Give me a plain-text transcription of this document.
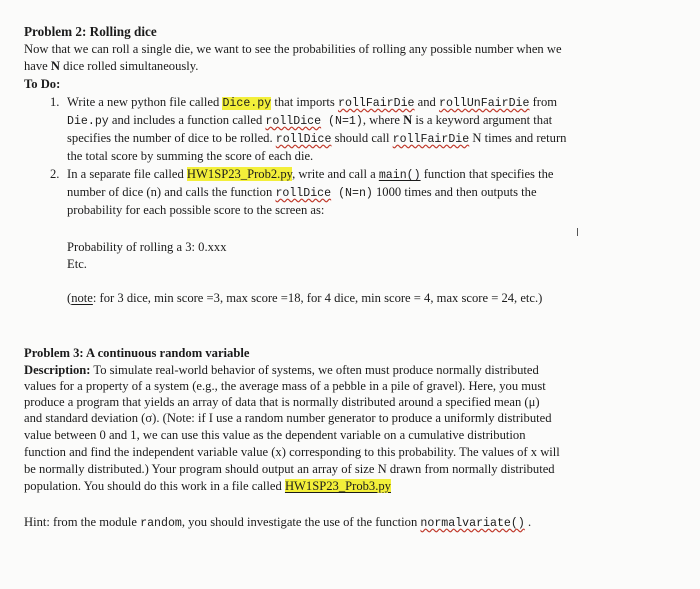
Problem 2: Rolling dice
Now that we can roll a single die, we want to see the probabilities of rolling any possible number when we
have N dice rolled simultaneously.
To Do:
1. Write a new python file called Dice.py that imports rollFairDie and rollUnFairDie from
Die.py and includes a function called rollDice (N=1), where N is a keyword argument that
specifies the number of dice to be rolled. rollDice should call rollFairDie N times and return
the total score by summing the score of each die.
2. In a separate file called HW1SP23_Prob2.py, write and call a main() function that specifies the
number of dice (n) and calls the function rollDice (N=n) 1000 times and then outputs the
probability for each possible score to the screen as:
Probability of rolling a 3: 0.xxx
Etc.
(note: for 3 dice, min score =3, max score =18, for 4 dice, min score = 4, max score = 24, etc.)
Problem 3: A continuous random variable
Description: To simulate real-world behavior of systems, we often must produce normally distributed
values for a property of a system (e.g., the average mass of a pebble in a pile of gravel). Here, you must
produce a program that yields an array of data that is normally distributed around a specified mean (μ)
and standard deviation (σ). (Note: if I use a random number generator to produce a uniformly distributed
value between 0 and 1, we can use this value as the dependent variable on a cumulative distribution
function and find the independent variable value (x) corresponding to this probability. The values of x will
be normally distributed.) Your program should output an array of size N drawn from normally distributed
population. You should do this work in a file called HW1SP23_Prob3.py
Hint: from the module random, you should investigate the use of the function normalvariate() .
